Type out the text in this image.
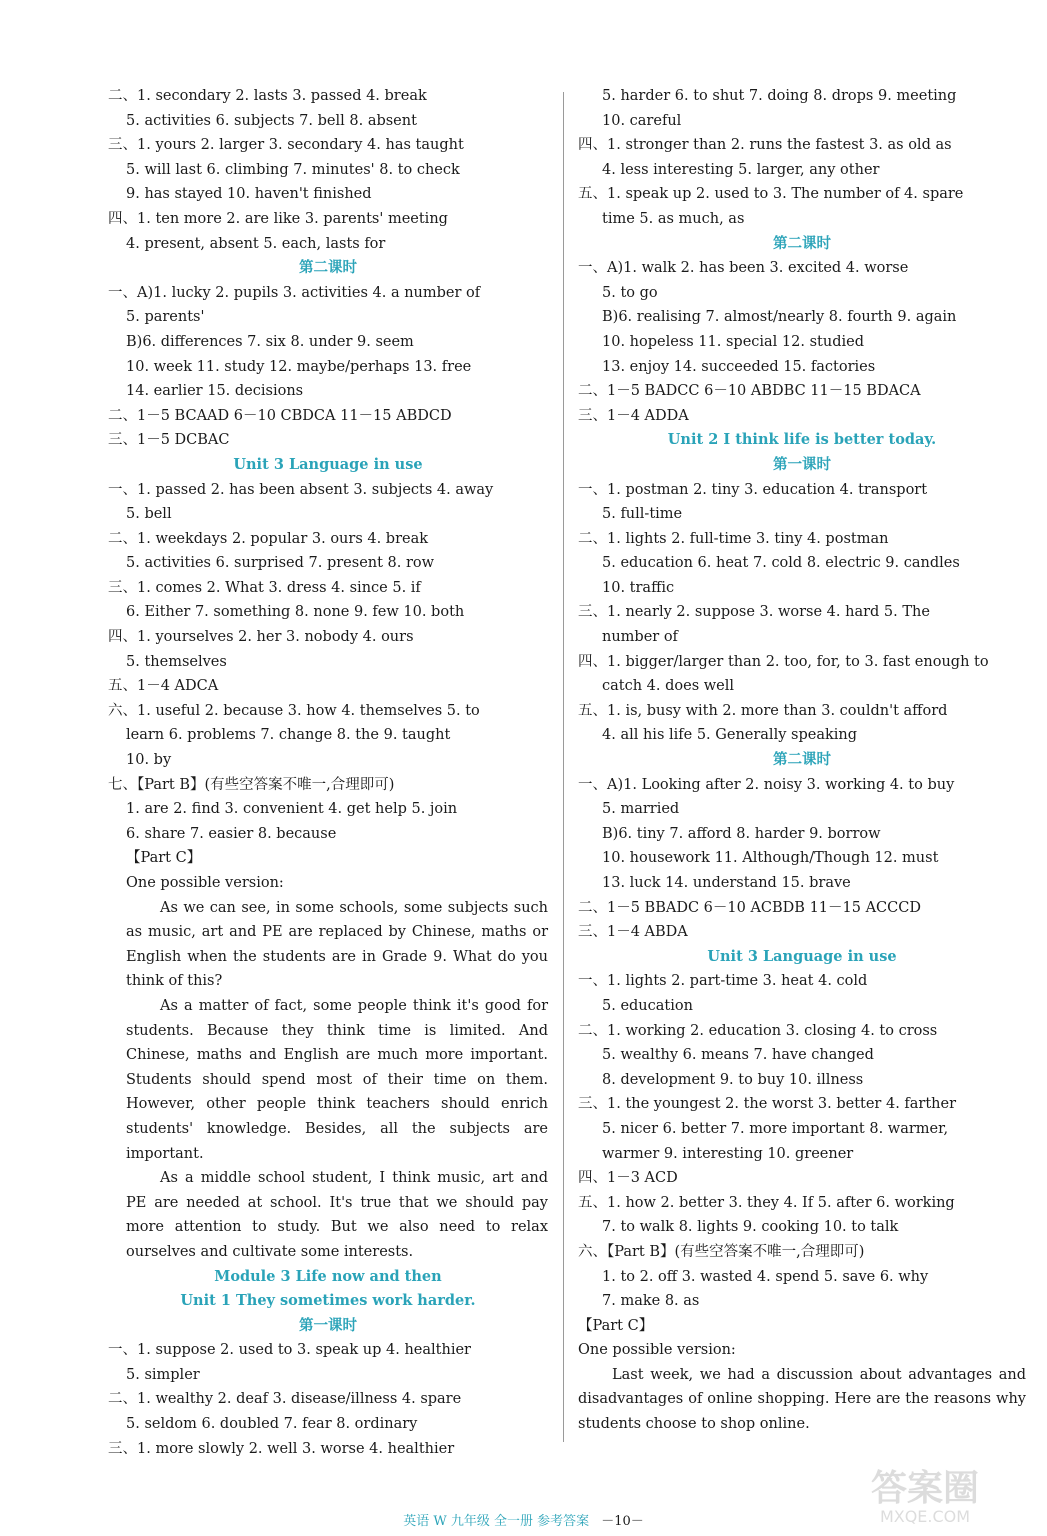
二、1. secondary 2. lasts 3. passed 4. break
5. activities 6. subjects 7. bell 8. absent
三、1. yours 2. larger 3. secondary 4. has taught
5. will last 6. climbing 7. minutes' 8. to check
9. has stayed 10. haven't finished
四、1. ten more 2. are like 3. parents' meeting
4. present, absent 5. each, lasts for
第二课时
一、A)1. lucky 2. pupils 3. activities 4. a number of
5. parents'
B)6. differences 7. six 8. under 9. seem
10. week 11. study 12. maybe/perhaps 13. free
14. earlier 15. decisions
二、1－5 BCAAD 6－10 CBDCA 11－15 ABDCD
三、1－5 DCBAC
Unit 3 Language in use
一、1. passed 2. has been absent 3. subjects 4. away
5. bell
二、1. weekdays 2. popular 3. ours 4. break
5. activities 6. surprised 7. present 8. row
三、1. comes 2. What 3. dress 4. since 5. if
6. Either 7. something 8. none 9. few 10. both
四、1. yourselves 2. her 3. nobody 4. ours
5. themselves
五、1－4 ADCA
六、1. useful 2. because 3. how 4. themselves 5. to
learn 6. problems 7. change 8. the 9. taught
10. by
七、【Part B】(有些空答案不唯一,合理即可)
1. are 2. find 3. convenient 4. get help 5. join
6. share 7. easier 8. because
【Part C】
One possible version:
As we can see, in some schools, some subjects such as music, art and PE are replaced by Chinese, maths or English when the students are in Grade 9. What do you think of this?
As a matter of fact, some people think it's good for students. Because they think time is limited. And Chinese, maths and English are much more important. Students should spend most of their time on them. However, other people think teachers should enrich students' knowledge. Besides, all the subjects are important.
As a middle school student, I think music, art and PE are needed at school. It's true that we should pay more attention to study. But we also need to relax ourselves and cultivate some interests.
Module 3 Life now and then
Unit 1 They sometimes work harder.
第一课时
一、1. suppose 2. used to 3. speak up 4. healthier
5. simpler
二、1. wealthy 2. deaf 3. disease/illness 4. spare
5. seldom 6. doubled 7. fear 8. ordinary
三、1. more slowly 2. well 3. worse 4. healthier
5. harder 6. to shut 7. doing 8. drops 9. meeting
10. careful
四、1. stronger than 2. runs the fastest 3. as old as
4. less interesting 5. larger, any other
五、1. speak up 2. used to 3. The number of 4. spare
time 5. as much, as
第二课时
一、A)1. walk 2. has been 3. excited 4. worse
5. to go
B)6. realising 7. almost/nearly 8. fourth 9. again
10. hopeless 11. special 12. studied
13. enjoy 14. succeeded 15. factories
二、1－5 BADCC 6－10 ABDBC 11－15 BDACA
三、1－4 ADDA
Unit 2 I think life is better today.
第一课时
一、1. postman 2. tiny 3. education 4. transport
5. full-time
二、1. lights 2. full-time 3. tiny 4. postman
5. education 6. heat 7. cold 8. electric 9. candles
10. traffic
三、1. nearly 2. suppose 3. worse 4. hard 5. The
number of
四、1. bigger/larger than 2. too, for, to 3. fast enough to
catch 4. does well
五、1. is, busy with 2. more than 3. couldn't afford
4. all his life 5. Generally speaking
第二课时
一、A)1. Looking after 2. noisy 3. working 4. to buy
5. married
B)6. tiny 7. afford 8. harder 9. borrow
10. housework 11. Although/Though 12. must
13. luck 14. understand 15. brave
二、1－5 BBADC 6－10 ACBDB 11－15 ACCCD
三、1－4 ABDA
Unit 3 Language in use
一、1. lights 2. part-time 3. heat 4. cold
5. education
二、1. working 2. education 3. closing 4. to cross
5. wealthy 6. means 7. have changed
8. development 9. to buy 10. illness
三、1. the youngest 2. the worst 3. better 4. farther
5. nicer 6. better 7. more important 8. warmer,
warmer 9. interesting 10. greener
四、1－3 ACD
五、1. how 2. better 3. they 4. If 5. after 6. working
7. to walk 8. lights 9. cooking 10. to talk
六、【Part B】(有些空答案不唯一,合理即可)
1. to 2. off 3. wasted 4. spend 5. save 6. why
7. make 8. as
【Part C】
One possible version:
Last week, we had a discussion about advantages and disadvantages of online shopping. Here are the reasons why students choose to shop online.
英语 W 九年级 全一册 参考答案 －10－
答案圈
MXQE.COM
